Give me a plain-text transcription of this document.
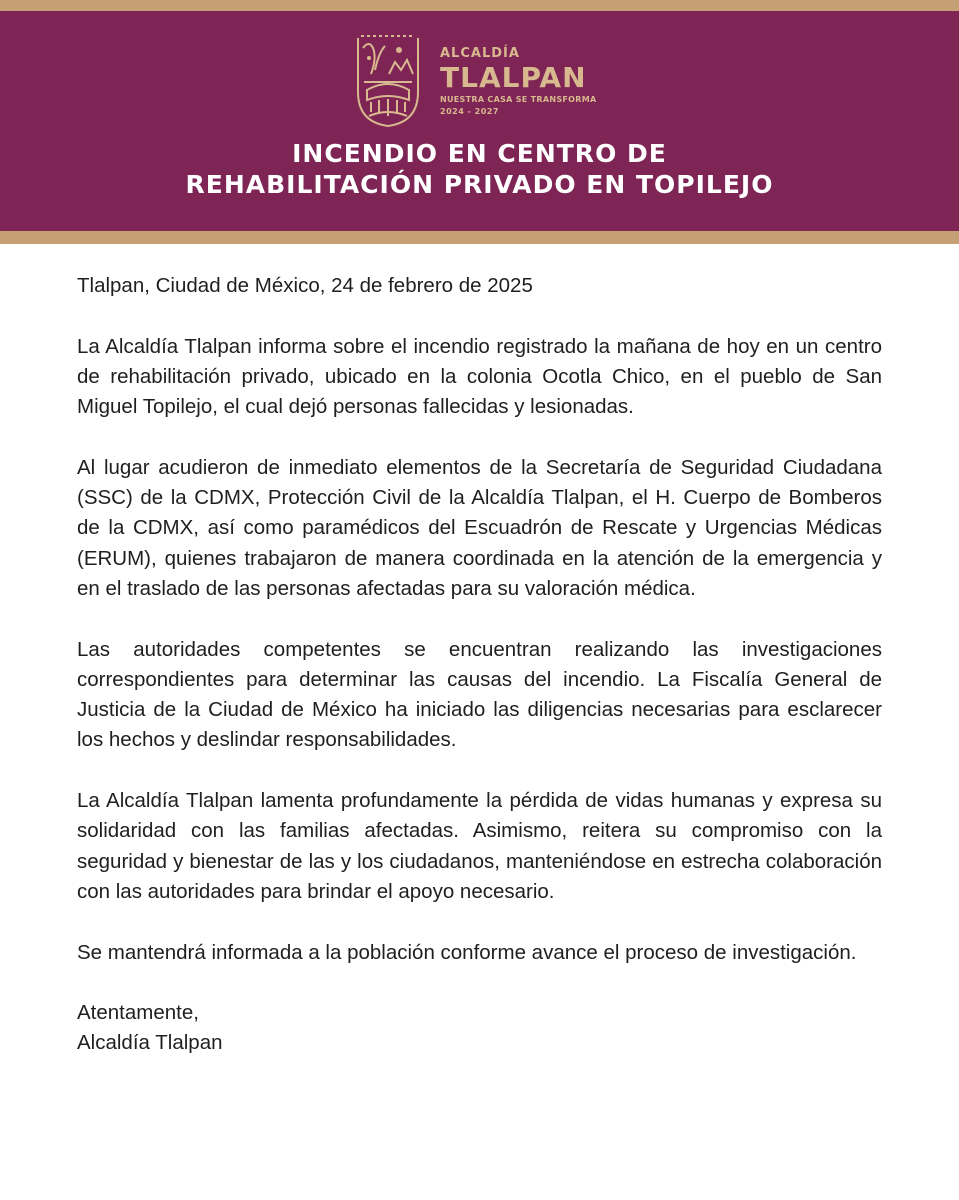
ALCALDÍA
TLALPAN
NUESTRA CASA SE TRANSFORMA
2024 - 2027
INCENDIO EN CENTRO DE
REHABILITACIÓN PRIVADO EN TOPILEJO

Tlalpan, Ciudad de México, 24 de febrero de 2025

La Alcaldía Tlalpan informa sobre el incendio registrado la mañana de hoy en un centro de rehabilitación privado, ubicado en la colonia Ocotla Chico, en el pueblo de San Miguel Topilejo, el cual dejó personas fallecidas y lesionadas.

Al lugar acudieron de inmediato elementos de la Secretaría de Seguridad Ciudadana (SSC) de la CDMX, Protección Civil de la Alcaldía Tlalpan, el H. Cuerpo de Bomberos de la CDMX, así como paramédicos del Escuadrón de Rescate y Urgencias Médicas (ERUM), quienes trabajaron de manera coordinada en la atención de la emergencia y en el traslado de las personas afectadas para su valoración médica.

Las autoridades competentes se encuentran realizando las investigaciones correspondientes para determinar las causas del incendio. La Fiscalía General de Justicia de la Ciudad de México ha iniciado las diligencias necesarias para esclarecer los hechos y deslindar responsabilidades.

La Alcaldía Tlalpan lamenta profundamente la pérdida de vidas humanas y expresa su solidaridad con las familias afectadas. Asimismo, reitera su compromiso con la seguridad y bienestar de las y los ciudadanos, manteniéndose en estrecha colaboración con las autoridades para brindar el apoyo necesario.

Se mantendrá informada a la población conforme avance el proceso de investigación.

Atentamente,

Alcaldía Tlalpan
